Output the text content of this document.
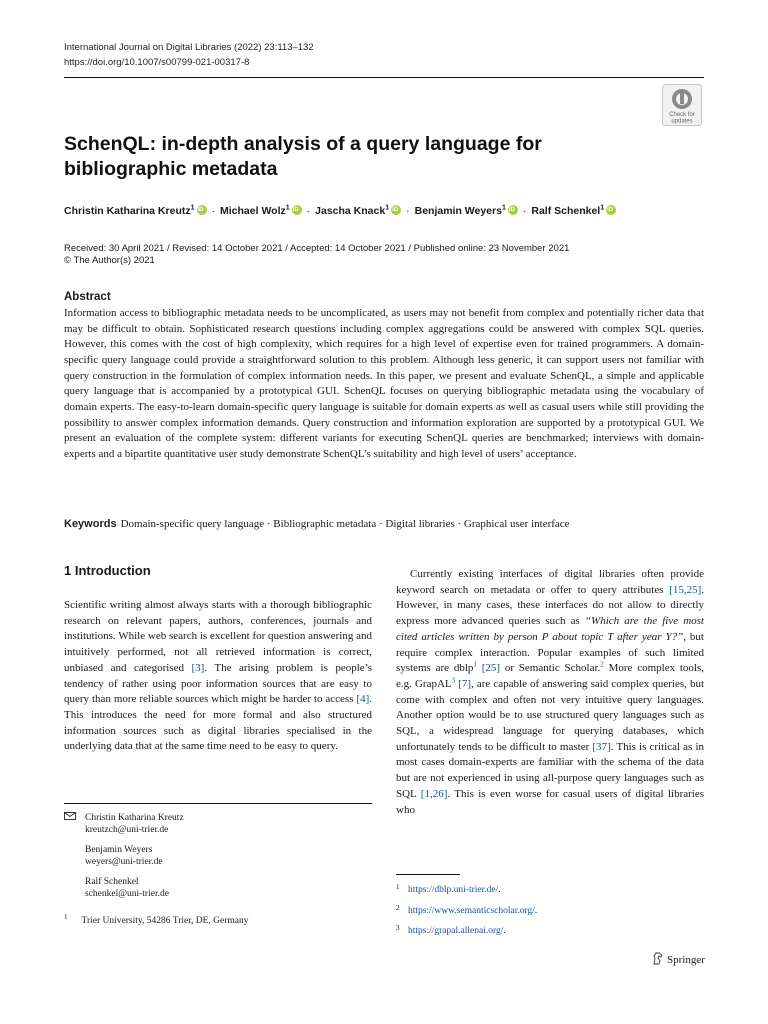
International Journal on Digital Libraries (2022) 23:113–132
https://doi.org/10.1007/s00799-021-00317-8
Check for
updates
SchenQL: in-depth analysis of a query language for bibliographic metadata
Christin Katharina Kreutz$^1$ iD · Michael Wolz$^1$ iD · Jascha Knack$^1$ iD · Benjamin Weyers$^1$ iD · Ralf Schenkel$^1$iD
Received: 30 April 2021 / Revised: 14 October 2021 / Accepted: 14 October 2021 / Published online: 23 November 2021
© The Author(s) 2021
Abstract
Information access to bibliographic metadata needs to be uncomplicated, as users may not benefit from complex and potentially richer data that may be difficult to obtain. Sophisticated research questions including complex aggregations could be answered with complex SQL queries. However, this comes with the cost of high complexity, which requires for a high level of expertise even for trained programmers. A domain-specific query language could provide a straightforward solution to this problem. Although less generic, it can support users not familiar with query construction in the formulation of complex information needs. In this paper, we present and evaluate SchenQL, a simple and applicable query language that is accompanied by a prototypical GUI. SchenQL focuses on querying bibliographic metadata using the vocabulary of domain experts. The easy-to-learn domain-specific query language is suitable for domain experts as well as casual users while still providing the possibility to answer complex information demands. Query construction and information exploration are supported by a prototypical GUI. We present an evaluation of the complete system: different variants for executing SchenQL queries are benchmarked; interviews with domain-experts and a bipartite quantitative user study demonstrate SchenQL’s suitability and high level of users’ acceptance.
Keywords Domain-specific query language · Bibliographic metadata · Digital libraries · Graphical user interface
1 Introduction

Scientific writing almost always starts with a thorough bibliographic research on relevant papers, authors, conferences, journals and institutions. While web search is excellent for question answering and intuitively performed, not all retrieved information is correct, unbiased and categorised [3]. The arising problem is people’s tendency of rather using poor information sources that are easy to query than more reliable sources which might be harder to access [4]. This introduces the need for more formal and also structured information sources such as digital libraries specialised in the underlying data that at the same time need to be easy to query.

Currently existing interfaces of digital libraries often provide keyword search on metadata or offer to query attributes [15,25]. However, in many cases, these interfaces do not allow to directly express more advanced queries such as “Which are the five most cited articles written by person P about topic T after year Y?”, but require complex interaction. Popular examples of such limited systems are dblp$^1$ [25] or Semantic Scholar.$^2$ More complex tools, e.g. GrapAL$^3$ [7], are capable of answering said complex queries, but come with complex and often not very intuitive query languages. Another option would be to use structured query languages such as SQL, a widespread language for querying databases, which unfortunately tends to be difficult to master [37]. This is critical as in most cases domain-experts are familiar with the schema of the data but are not experienced in using all-purpose query languages such as SQL [1,26]. This is even worse for casual users of digital libraries who

Christin Katharina Kreutz
kreutzch@uni-trier.de
Benjamin Weyers
weyers@uni-trier.de
Ralf Schenkel
schenkel@uni-trier.de
$^1$ Trier University, 54286 Trier, DE, Germany
1 https://dblp.uni-trier.de/.
2 https://www.semanticscholar.org/.
3 https://grapal.allenai.org/.
Springer
